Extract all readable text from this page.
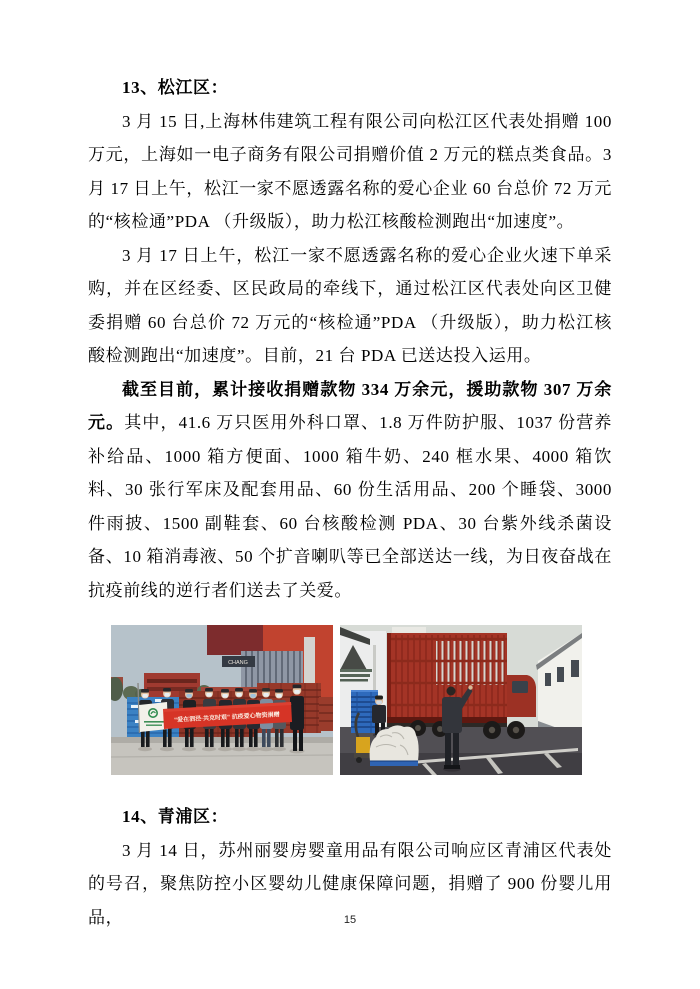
13、松江区：

3 月 15 日,上海林伟建筑工程有限公司向松江区代表处捐赠 100 万元，上海如一电子商务有限公司捐赠价值 2 万元的糕点类食品。3 月 17 日上午，松江一家不愿透露名称的爱心企业 60 台总价 72 万元的“核检通”PDA （升级版），助力松江核酸检测跑出“加速度”。

3 月 17 日上午，松江一家不愿透露名称的爱心企业火速下单采购，并在区经委、区民政局的牵线下，通过松江区代表处向区卫健委捐赠 60 台总价 72 万元的“核检通”PDA （升级版），助力松江核酸检测跑出“加速度”。目前，21 台 PDA 已送达投入运用。

截至目前，累计接收捐赠款物 334 万余元，援助款物 307 万余元。其中，41.6 万只医用外科口罩、1.8 万件防护服、1037 份营养补给品、1000 箱方便面、1000 箱牛奶、240 框水果、4000 箱饮料、30 张行军床及配套用品、60 份生活用品、200 个睡袋、3000 件雨披、1500 副鞋套、60 台核酸检测 PDA、30 台紫外线杀菌设备、10 箱消毒液、50 个扩音喇叭等已全部送达一线，为日夜奋战在抗疫前线的逆行者们送去了关爱。

CHANG
“爱在泗泾·共克时艰” 抗疫爱心物资捐赠
14、青浦区：

3 月 14 日，苏州丽婴房婴童用品有限公司响应区青浦区代表处的号召，聚焦防控小区婴幼儿健康保障问题，捐赠了 900 份婴儿用品，	15
